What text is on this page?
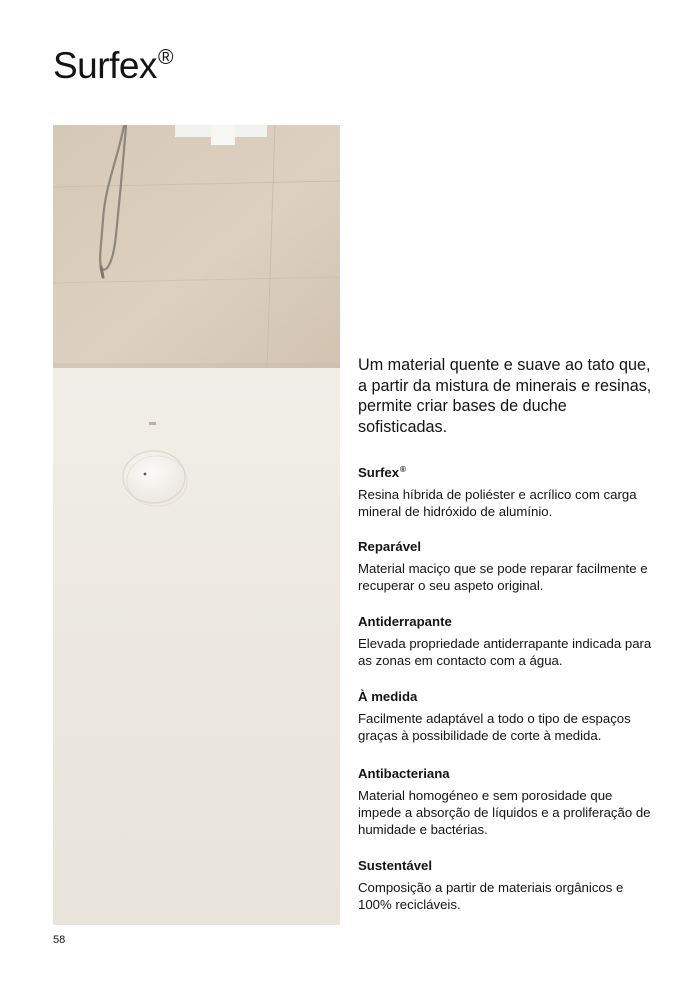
Surfex®

Um material quente e suave ao tato que, a partir da mistura de minerais e resinas, permite criar bases de duche sofisticadas.

Surfex®

Resina híbrida de poliéster e acrílico com carga mineral de hidróxido de alumínio.

Reparável

Material maciço que se pode reparar facilmente e recuperar o seu aspeto original.

Antiderrapante

Elevada propriedade antiderrapante indicada para as zonas em contacto com a água.

À medida

Facilmente adaptável a todo o tipo de espaços graças à possibilidade de corte à medida.

Antibacteriana

Material homogéneo e sem porosidade que impede a absorção de líquidos e a proliferação de humidade e bactérias.

Sustentável

Composição a partir de materiais orgânicos e 100% recicláveis.

58
